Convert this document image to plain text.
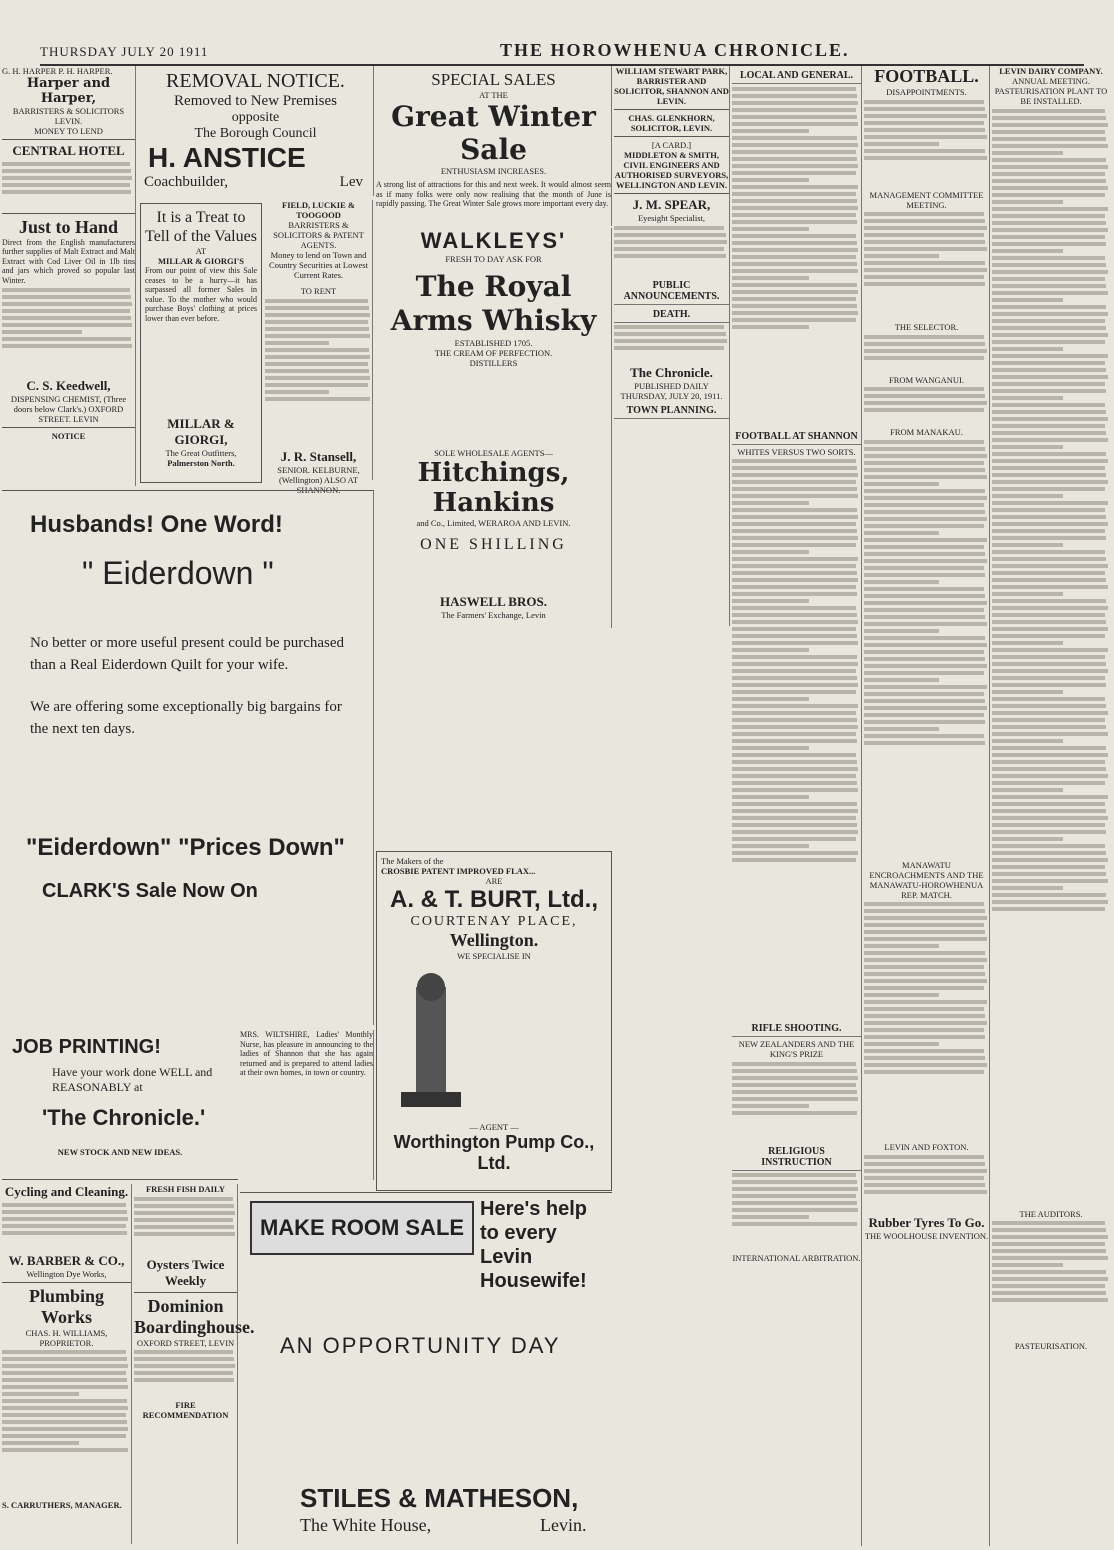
THURSDAY JULY 20 1911	THE HOROWHENUA CHRONICLE.
G. H. HARPER P. H. HARPER.
Harper and Harper,
BARRISTERS & SOLICITORS LEVIN.
MONEY TO LEND
CENTRAL HOTEL
Just to Hand
Direct from the English manufacturers further supplies of Malt Extract and Malt Extract with Cod Liver Oil in 1lb tins and jars which proved so popular last Winter.
C. S. Keedwell,
DISPENSING CHEMIST, (Three doors below Clark's.) OXFORD STREET. LEVIN
NOTICE
REMOVAL NOTICE.
Removed to New Premises
opposite
The Borough Council
H. ANSTICE
Coachbuilder,	Lev
It is a Treat to Tell of the Values
AT
MILLAR & GIORGI'S
From our point of view this Sale ceases to be a hurry—it has surpassed all former Sales in value. To the mother who would purchase Boys' clothing at prices lower than ever before.
MILLAR & GIORGI,
The Great Outfitters,
Palmerston North.
FIELD, LUCKIE & TOOGOOD
BARRISTERS & SOLICITORS & PATENT AGENTS.
Money to lend on Town and Country Securities at Lowest Current Rates.
TO RENT
J. R. Stansell,
SENIOR. KELBURNE, (Wellington) ALSO AT SHANNON.
SPECIAL SALES
AT THE
Great Winter Sale
ENTHUSIASM INCREASES.
A strong list of attractions for this and next week. It would almost seem as if many folks were only now realising that the month of June is rapidly passing. The Great Winter Sale grows more important every day.
WALKLEYS'
FRESH TO DAY ASK FOR
The Royal Arms Whisky
ESTABLISHED 1705.
THE CREAM OF PERFECTION.
DISTILLERS
SOLE WHOLESALE AGENTS—
Hitchings, Hankins
and Co., Limited, WERAROA AND LEVIN.
ONE SHILLING
HASWELL BROS.
The Farmers' Exchange, Levin
WILLIAM STEWART PARK, BARRISTER AND SOLICITOR, SHANNON AND LEVIN.
CHAS. GLENKHORN, SOLICITOR, LEVIN.
[A CARD.]
MIDDLETON & SMITH, CIVIL ENGINEERS AND AUTHORISED SURVEYORS, WELLINGTON AND LEVIN.
J. M. SPEAR,
Eyesight Specialist,
PUBLIC ANNOUNCEMENTS.
DEATH.
The Chronicle.
PUBLISHED DAILY
THURSDAY, JULY 20, 1911.
TOWN PLANNING.
Husbands! One Word!
" Eiderdown "
No better or more useful present could be purchased than a Real Eiderdown Quilt for your wife.
We are offering some exceptionally big bargains for the next ten days.
"Eiderdown" "Prices Down"
CLARK'S Sale Now On
JOB PRINTING!
Have your work done WELL and REASONABLY at
'The Chronicle.'
NEW STOCK AND NEW IDEAS.
MRS. WILTSHIRE, Ladies' Monthly Nurse, has pleasure in announcing to the ladies of Shannon that she has again returned and is prepared to attend ladies at their own homes, in town or country.
The Makers of the
CROSBIE PATENT IMPROVED FLAX...
ARE
A. & T. BURT, Ltd.,
COURTENAY PLACE,
Wellington.
WE SPECIALISE IN
— AGENT —
Worthington Pump Co., Ltd.
MAKE ROOM SALE
Here's help to every Levin Housewife!
AN OPPORTUNITY DAY
STILES & MATHESON,
The White House,	Levin.
Cycling and Cleaning.
W. BARBER & CO.,
Wellington Dye Works,
Plumbing Works
CHAS. H. WILLIAMS, PROPRIETOR.
S. CARRUTHERS, MANAGER.
FRESH FISH DAILY
Oysters Twice Weekly
Dominion Boardinghouse.
OXFORD STREET, LEVIN
FIRE RECOMMENDATION
LOCAL AND GENERAL.
FOOTBALL AT SHANNON
WHITES VERSUS TWO SORTS.
RIFLE SHOOTING.
NEW ZEALANDERS AND THE KING'S PRIZE
RELIGIOUS INSTRUCTION
INTERNATIONAL ARBITRATION.
FOOTBALL.
DISAPPOINTMENTS.
MANAGEMENT COMMITTEE MEETING.
THE SELECTOR.
FROM WANGANUI.
FROM MANAKAU.
MANAWATU ENCROACHMENTS AND THE MANAWATU-HOROWHENUA REP. MATCH.
LEVIN AND FOXTON.
Rubber Tyres To Go.
THE WOOLHOUSE INVENTION.
LEVIN DAIRY COMPANY.
ANNUAL MEETING.
PASTEURISATION PLANT TO BE INSTALLED.
THE AUDITORS.
PASTEURISATION.
